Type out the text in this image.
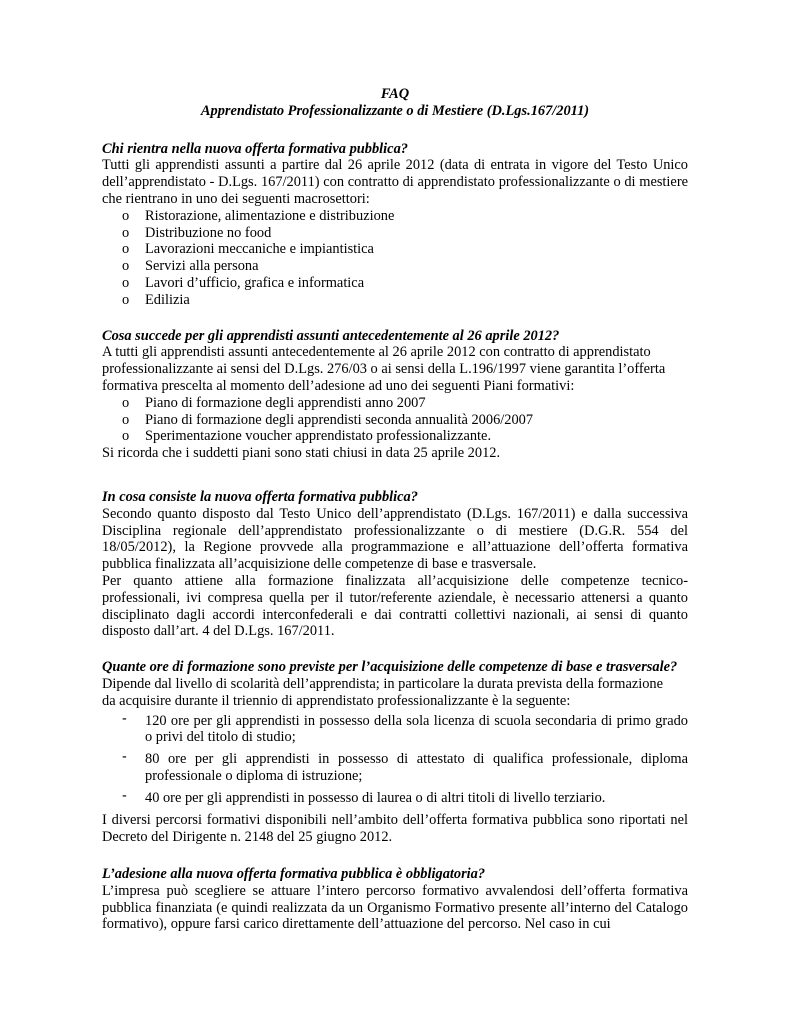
FAQ

Apprendistato Professionalizzante o di Mestiere (D.Lgs.167/2011)

Chi rientra nella nuova offerta formativa pubblica?

Tutti gli apprendisti assunti a partire dal 26 aprile 2012 (data di entrata in vigore del Testo Unico dell’apprendistato - D.Lgs. 167/2011) con contratto di apprendistato professionalizzante o di mestiere che rientrano in uno dei seguenti macrosettori:

o Ristorazione, alimentazione e distribuzione
o Distribuzione no food
o Lavorazioni meccaniche e impiantistica
o Servizi alla persona
o Lavori d’ufficio, grafica e informatica
o Edilizia

Cosa succede per gli apprendisti assunti antecedentemente al 26 aprile 2012?

A tutti gli apprendisti assunti antecedentemente al 26 aprile 2012 con contratto di apprendistato professionalizzante ai sensi del D.Lgs. 276/03 o ai sensi della L.196/1997 viene garantita l’offerta formativa prescelta al momento dell’adesione ad uno dei seguenti Piani formativi:

o Piano di formazione degli apprendisti anno 2007
o Piano di formazione degli apprendisti seconda annualità 2006/2007
o Sperimentazione voucher apprendistato professionalizzante.

Si ricorda che i suddetti piani sono stati chiusi in data 25 aprile 2012.

In cosa consiste la nuova offerta formativa pubblica?

Secondo quanto disposto dal Testo Unico dell’apprendistato (D.Lgs. 167/2011) e dalla successiva Disciplina regionale dell’apprendistato professionalizzante o di mestiere (D.G.R. 554 del 18/05/2012), la Regione provvede alla programmazione e all’attuazione dell’offerta formativa pubblica finalizzata all’acquisizione delle competenze di base e trasversale.

Per quanto attiene alla formazione finalizzata all’acquisizione delle competenze tecnico-professionali, ivi compresa quella per il tutor/referente aziendale, è necessario attenersi a quanto disciplinato dagli accordi interconfederali e dai contratti collettivi nazionali, ai sensi di quanto disposto dall’art. 4 del D.Lgs. 167/2011.

Quante ore di formazione sono previste per l’acquisizione delle competenze di base e trasversale?

Dipende dal livello di scolarità dell’apprendista; in particolare la durata prevista della formazione

da acquisire durante il triennio di apprendistato professionalizzante è la seguente:

- 120 ore per gli apprendisti in possesso della sola licenza di scuola secondaria di primo grado o privi del titolo di studio;
- 80 ore per gli apprendisti in possesso di attestato di qualifica professionale, diploma professionale o diploma di istruzione;
- 40 ore per gli apprendisti in possesso di laurea o di altri titoli di livello terziario.

I diversi percorsi formativi disponibili nell’ambito dell’offerta formativa pubblica sono riportati nel Decreto del Dirigente n. 2148 del 25 giugno 2012.

L’adesione alla nuova offerta formativa pubblica è obbligatoria?

L’impresa può scegliere se attuare l’intero percorso formativo avvalendosi dell’offerta formativa pubblica finanziata (e quindi realizzata da un Organismo Formativo presente all’interno del Catalogo formativo), oppure farsi carico direttamente dell’attuazione del percorso. Nel caso in cui
